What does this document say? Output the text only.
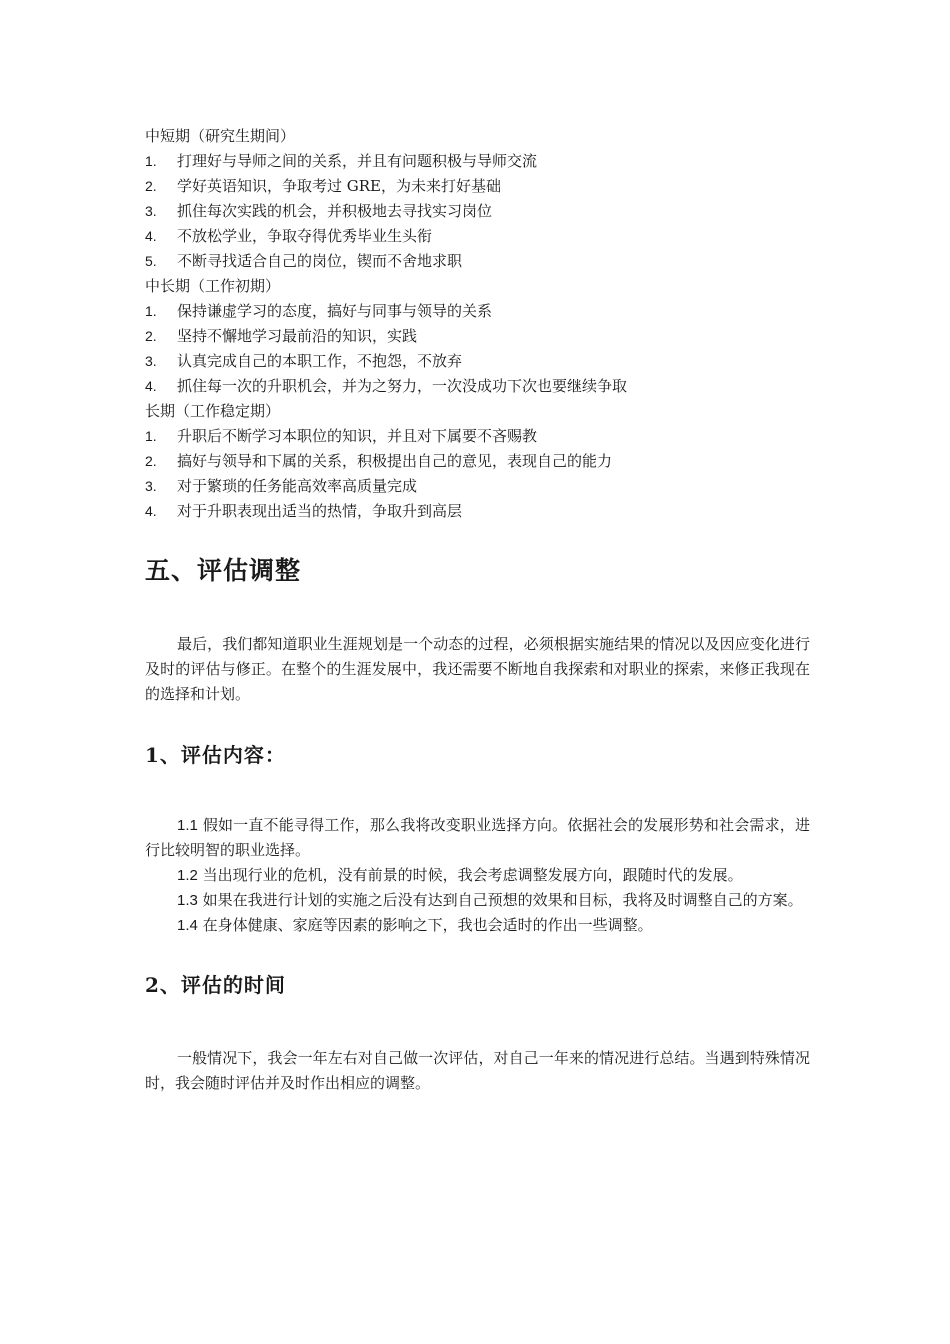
中短期（研究生期间）

1.	打理好与导师之间的关系，并且有问题积极与导师交流
2.	学好英语知识，争取考过 GRE，为未来打好基础
3.	抓住每次实践的机会，并积极地去寻找实习岗位
4.	不放松学业，争取夺得优秀毕业生头衔
5.	不断寻找适合自己的岗位，锲而不舍地求职

中长期（工作初期）

1.	保持谦虚学习的态度，搞好与同事与领导的关系
2.	坚持不懈地学习最前沿的知识，实践
3.	认真完成自己的本职工作，不抱怨，不放弃
4.	抓住每一次的升职机会，并为之努力，一次没成功下次也要继续争取

长期（工作稳定期）

1.	升职后不断学习本职位的知识，并且对下属要不吝赐教
2.	搞好与领导和下属的关系，积极提出自己的意见，表现自己的能力
3.	对于繁琐的任务能高效率高质量完成
4.	对于升职表现出适当的热情，争取升到高层
五、评估调整

最后，我们都知道职业生涯规划是一个动态的过程，必须根据实施结果的情况以及因应变化进行及时的评估与修正。在整个的生涯发展中，我还需要不断地自我探索和对职业的探索，来修正我现在的选择和计划。

1、评估内容：

1.1 假如一直不能寻得工作，那么我将改变职业选择方向。依据社会的发展形势和社会需求，进行比较明智的职业选择。

1.2 当出现行业的危机，没有前景的时候，我会考虑调整发展方向，跟随时代的发展。

1.3 如果在我进行计划的实施之后没有达到自己预想的效果和目标，我将及时调整自己的方案。

1.4 在身体健康、家庭等因素的影响之下，我也会适时的作出一些调整。

2、评估的时间

一般情况下，我会一年左右对自己做一次评估，对自己一年来的情况进行总结。当遇到特殊情况时，我会随时评估并及时作出相应的调整。
